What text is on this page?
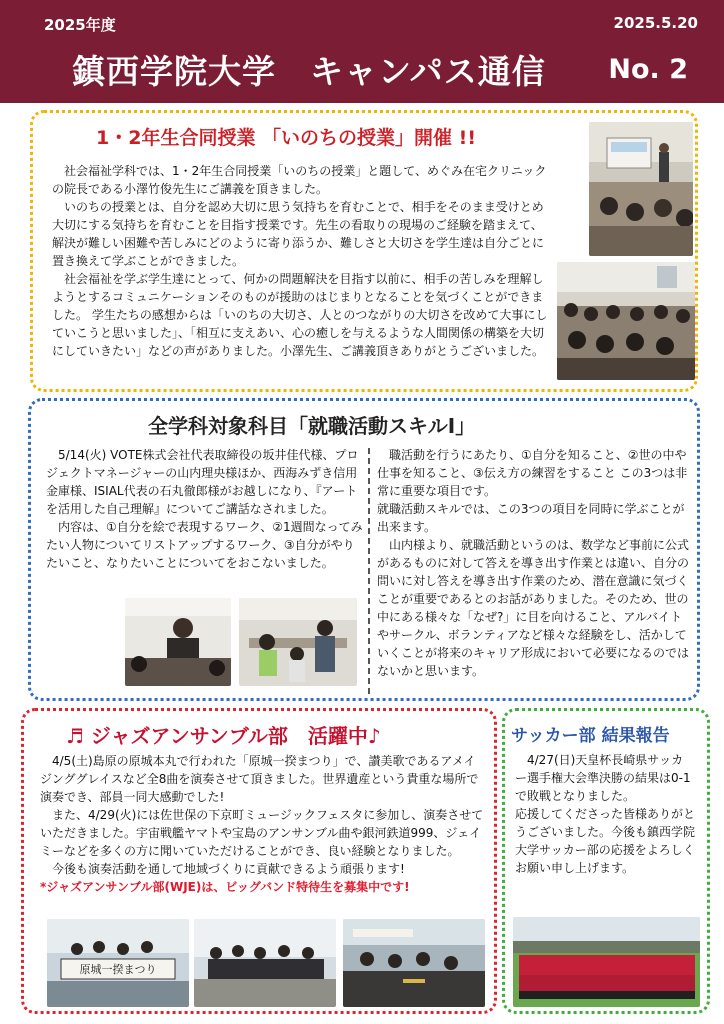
2025年度	2025.5.20
鎮西学院大学　キャンパス通信 No. 2
1・2年生合同授業 「いのちの授業」開催 !!

社会福祉学科では、1・2年生合同授業「いのちの授業」と題して、めぐみ在宅クリニックの院長である小澤竹俊先生にご講義を頂きました。

いのちの授業とは、自分を認め大切に思う気持ちを育むことで、相手をそのまま受けとめ大切にする気持ちを育むことを目指す授業です。先生の看取りの現場のご経験を踏まえて、解決が難しい困難や苦しみにどのように寄り添うか、難しさと大切さを学生達は自分ごとに置き換えて学ぶことができました。

社会福祉を学ぶ学生達にとって、何かの問題解決を目指す以前に、相手の苦しみを理解しようとするコミュニケーションそのものが援助のはじまりとなることを気づくことができました。 学生たちの感想からは「いのちの大切さ、人とのつながりの大切さを改めて大事にしていこうと思いました」、「相互に支えあい、心の癒しを与えるような人間関係の構築を大切にしていきたい」などの声がありました。小澤先生、ご講義頂きありがとうございました。

全学科対象科目「就職活動スキルⅠ」

5/14(火) VOTE株式会社代表取締役の坂井佳代様、プロジェクトマネージャーの山内理央様ほか、西海みずき信用金庫様、ISIAL代表の石丸徹郎様がお越しになり、『アートを活用した自己理解』についてご講話なされました。

内容は、①自分を絵で表現するワーク、②1週間なってみたい人物についてリストアップするワーク、③自分がやりたいこと、なりたいことについてをおこないました。

職活動を行うにあたり、①自分を知ること、②世の中や仕事を知ること、③伝え方の練習をすること この3つは非常に重要な項目です。

就職活動スキルでは、この3つの項目を同時に学ぶことが出来ます。

山内様より、就職活動というのは、数学など事前に公式があるものに対して答えを導き出す作業とは違い、自分の問いに対し答えを導き出す作業のため、潜在意識に気づくことが重要であるとのお話がありました。そのため、世の中にある様々な「なぜ?」に目を向けること、アルバイトやサークル、ボランティアなど様々な経験をし、活かしていくことが将来のキャリア形成において必要になるのではないかと思います。

♬ ジャズアンサンブル部　活躍中♪

4/5(土)島原の原城本丸で行われた「原城一揆まつり」で、讃美歌であるアメイジンググレイスなど全8曲を演奏させて頂きました。世界遺産という貴重な場所で演奏でき、部員一同大感動でした!

また、4/29(火)には佐世保の下京町ミュージックフェスタに参加し、演奏させていただきました。宇宙戦艦ヤマトや宝島のアンサンブル曲や銀河鉄道999、ジェイミーなどを多くの方に聞いていただけることができ、良い経験となりました。

今後も演奏活動を通して地域づくりに貢献できるよう頑張ります!

*ジャズアンサンブル部(WJE)は、ビッグバンド特待生を募集中です!

原城一揆まつり
サッカー部 結果報告

4/27(日)天皇杯長崎県サッカー選手権大会準決勝の結果は0-1で敗戦となりました。

応援してくださった皆様ありがとうございました。今後も鎮西学院大学サッカー部の応援をよろしくお願い申し上げます。
